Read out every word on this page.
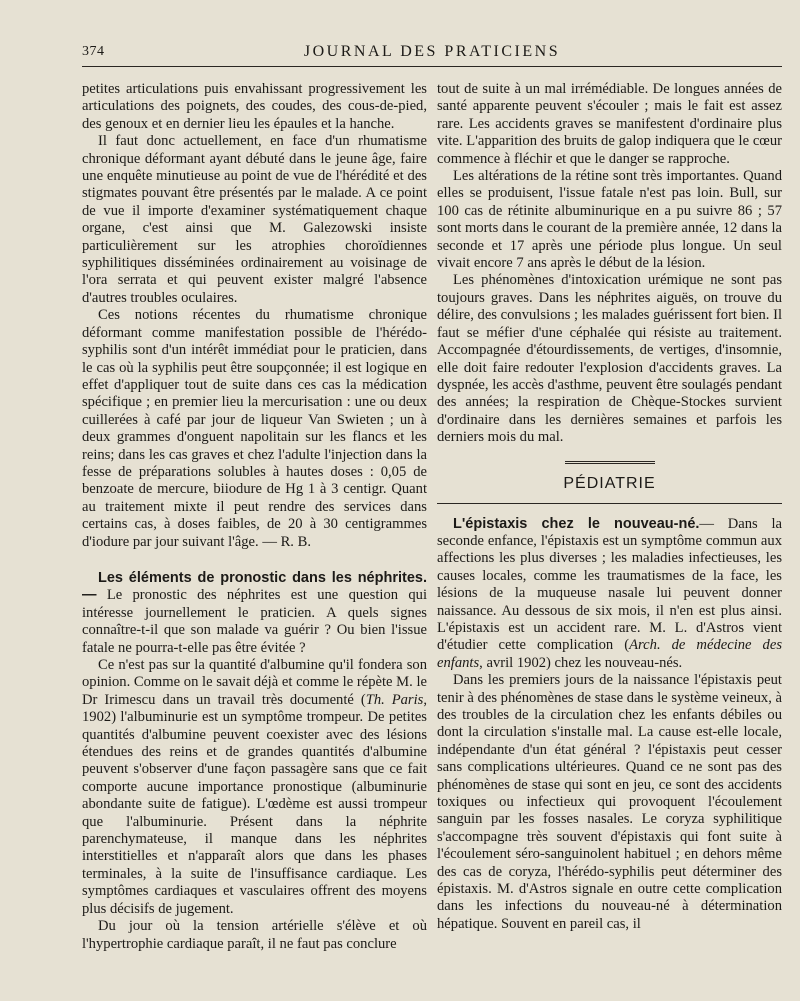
374	JOURNAL DES PRATICIENS

petites articulations puis envahissant progressivement les articulations des poignets, des coudes, des cous-de-pied, des genoux et en dernier lieu les épaules et la hanche.

Il faut donc actuellement, en face d'un rhumatisme chronique déformant ayant débuté dans le jeune âge, faire une enquête minutieuse au point de vue de l'hérédité et des stigmates pouvant être présentés par le malade. A ce point de vue il importe d'examiner systématiquement chaque organe, c'est ainsi que M. Galezowski insiste particulièrement sur les atrophies choroïdiennes syphilitiques disséminées ordinairement au voisinage de l'ora serrata et qui peuvent exister malgré l'absence d'autres troubles oculaires.

Ces notions récentes du rhumatisme chronique déformant comme manifestation possible de l'hérédo-syphilis sont d'un intérêt immédiat pour le praticien, dans le cas où la syphilis peut être soupçonnée; il est logique en effet d'appliquer tout de suite dans ces cas la médication spécifique ; en premier lieu la mercurisation : une ou deux cuillerées à café par jour de liqueur Van Swieten ; un à deux grammes d'onguent napolitain sur les flancs et les reins; dans les cas graves et chez l'adulte l'injection dans la fesse de préparations solubles à hautes doses : 0,05 de benzoate de mercure, biiodure de Hg 1 à 3 centigr. Quant au traitement mixte il peut rendre des services dans certains cas, à doses faibles, de 20 à 30 centigrammes d'iodure par jour suivant l'âge. — R. B.

Les éléments de pronostic dans les néphrites. — Le pronostic des néphrites est une question qui intéresse journellement le praticien. A quels signes connaître-t-il que son malade va guérir ? Ou bien l'issue fatale ne pourra-t-elle pas être évitée ?

Ce n'est pas sur la quantité d'albumine qu'il fondera son opinion. Comme on le savait déjà et comme le répète M. le Dr Irimescu dans un travail très documenté (Th. Paris, 1902) l'albuminurie est un symptôme trompeur. De petites quantités d'albumine peuvent coexister avec des lésions étendues des reins et de grandes quantités d'albumine peuvent s'observer d'une façon passagère sans que ce fait comporte aucune importance pronostique (albuminurie abondante suite de fatigue). L'œdème est aussi trompeur que l'albuminurie. Présent dans la néphrite parenchymateuse, il manque dans les néphrites interstitielles et n'apparaît alors que dans les phases terminales, à la suite de l'insuffisance cardiaque. Les symptômes cardiaques et vasculaires offrent des moyens plus décisifs de jugement.

Du jour où la tension artérielle s'élève et où l'hypertrophie cardiaque paraît, il ne faut pas conclure

tout de suite à un mal irrémédiable. De longues années de santé apparente peuvent s'écouler ; mais le fait est assez rare. Les accidents graves se manifestent d'ordinaire plus vite. L'apparition des bruits de galop indiquera que le cœur commence à fléchir et que le danger se rapproche.

Les altérations de la rétine sont très importantes. Quand elles se produisent, l'issue fatale n'est pas loin. Bull, sur 100 cas de rétinite albuminurique en a pu suivre 86 ; 57 sont morts dans le courant de la première année, 12 dans la seconde et 17 après une période plus longue. Un seul vivait encore 7 ans après le début de la lésion.

Les phénomènes d'intoxication urémique ne sont pas toujours graves. Dans les néphrites aiguës, on trouve du délire, des convulsions ; les malades guérissent fort bien. Il faut se méfier d'une céphalée qui résiste au traitement. Accompagnée d'étourdissements, de vertiges, d'insomnie, elle doit faire redouter l'explosion d'accidents graves. La dyspnée, les accès d'asthme, peuvent être soulagés pendant des années; la respiration de Chèque-Stockes survient d'ordinaire dans les dernières semaines et parfois les derniers mois du mal.

PÉDIATRIE

L'épistaxis chez le nouveau-né.— Dans la seconde enfance, l'épistaxis est un symptôme commun aux affections les plus diverses ; les maladies infectieuses, les causes locales, comme les traumatismes de la face, les lésions de la muqueuse nasale lui peuvent donner naissance. Au dessous de six mois, il n'en est plus ainsi. L'épistaxis est un accident rare. M. L. d'Astros vient d'étudier cette complication (Arch. de médecine des enfants, avril 1902) chez les nouveau-nés.

Dans les premiers jours de la naissance l'épistaxis peut tenir à des phénomènes de stase dans le système veineux, à des troubles de la circulation chez les enfants débiles ou dont la circulation s'installe mal. La cause est-elle locale, indépendante d'un état général ? l'épistaxis peut cesser sans complications ultérieures. Quand ce ne sont pas des phénomènes de stase qui sont en jeu, ce sont des accidents toxiques ou infectieux qui provoquent l'écoulement sanguin par les fosses nasales. Le coryza syphilitique s'accompagne très souvent d'épistaxis qui font suite à l'écoulement séro-sanguinolent habituel ; en dehors même des cas de coryza, l'hérédo-syphilis peut déterminer des épistaxis. M. d'Astros signale en outre cette complication dans les infections du nouveau-né à détermination hépatique. Souvent en pareil cas, il
